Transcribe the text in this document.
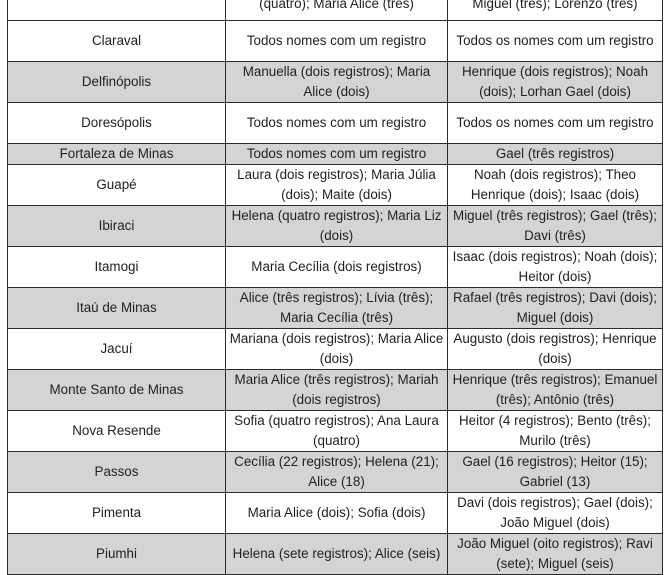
	(quatro); Maria Alice (três)	Miguel (três); Lorenzo (três)
Claraval	Todos nomes com um registro	Todos os nomes com um registro
Delfinópolis	Manuella (dois registros); Maria Alice (dois)	Henrique (dois registros); Noah (dois); Lorhan Gael (dois)
Doresópolis	Todos nomes com um registro	Todos os nomes com um registro
Fortaleza de Minas	Todos nomes com um registro	Gael (três registros)
Guapé	Laura (dois registros); Maria Júlia (dois); Maite (dois)	Noah (dois registros); Theo Henrique (dois); Isaac (dois)
Ibiraci	Helena (quatro registros); Maria Liz (dois)	Miguel (três registros); Gael (três); Davi (três)
Itamogi	Maria Cecília (dois registros)	Isaac (dois registros); Noah (dois); Heitor (dois)
Itaú de Minas	Alice (três registros); Lívia (três); Maria Cecília (três)	Rafael (três registros); Davi (dois); Miguel (dois)
Jacuí	Mariana (dois registros); Maria Alice (dois)	Augusto (dois registros); Henrique (dois)
Monte Santo de Minas	Maria Alice (três registros); Mariah (dois registros)	Henrique (três registros); Emanuel (três); Antônio (três)
Nova Resende	Sofia (quatro registros); Ana Laura (quatro)	Heitor (4 registros); Bento (três); Murilo (três)
Passos	Cecília (22 registros); Helena (21); Alice (18)	Gael (16 registros); Heitor (15); Gabriel (13)
Pimenta	Maria Alice (dois); Sofia (dois)	Davi (dois registros); Gael (dois); João Miguel (dois)
Piumhi	Helena (sete registros); Alice (seis)	João Miguel (oito registros); Ravi (sete); Miguel (seis)
